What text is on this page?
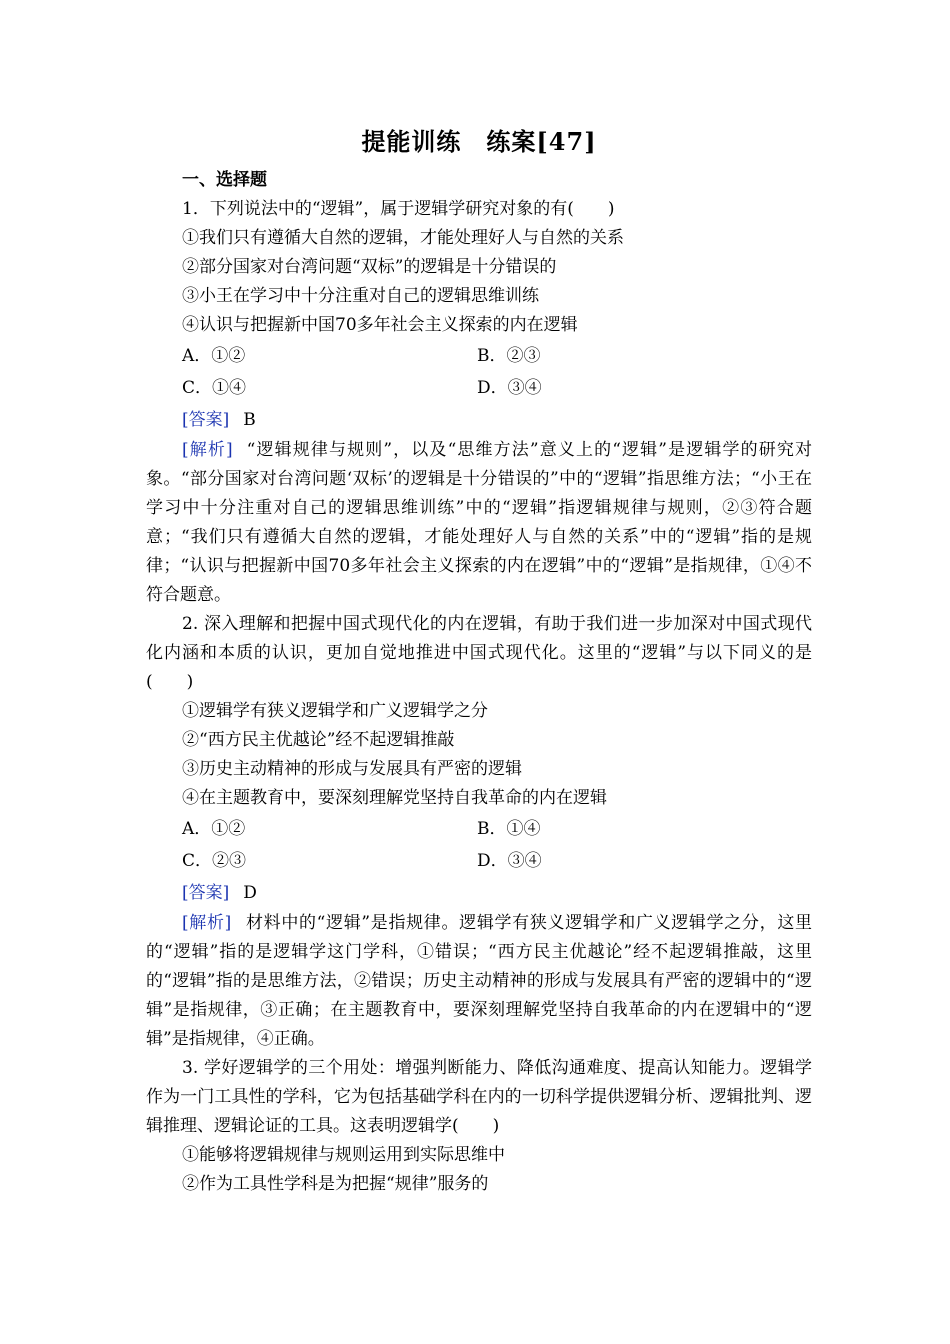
提能训练　练案[47]
一、选择题

1．下列说法中的“逻辑”，属于逻辑学研究对象的有(　　)

①我们只有遵循大自然的逻辑，才能处理好人与自然的关系

②部分国家对台湾问题“双标”的逻辑是十分错误的

③小王在学习中十分注重对自己的逻辑思维训练

④认识与把握新中国70多年社会主义探索的内在逻辑

A．①②	B．②③
C．①④	D．③④

[答案] B

[解析] “逻辑规律与规则”，以及“思维方法”意义上的“逻辑”是逻辑学的研究对象。“部分国家对台湾问题‘双标’的逻辑是十分错误的”中的“逻辑”指思维方法；“小王在学习中十分注重对自己的逻辑思维训练”中的“逻辑”指逻辑规律与规则，②③符合题意；“我们只有遵循大自然的逻辑，才能处理好人与自然的关系”中的“逻辑”指的是规律；“认识与把握新中国70多年社会主义探索的内在逻辑”中的“逻辑”是指规律，①④不符合题意。

2. 深入理解和把握中国式现代化的内在逻辑，有助于我们进一步加深对中国式现代化内涵和本质的认识，更加自觉地推进中国式现代化。这里的“逻辑”与以下同义的是(　　)

①逻辑学有狭义逻辑学和广义逻辑学之分

②“西方民主优越论”经不起逻辑推敲

③历史主动精神的形成与发展具有严密的逻辑

④在主题教育中，要深刻理解党坚持自我革命的内在逻辑

A．①②	B．①④
C．②③	D．③④

[答案] D

[解析] 材料中的“逻辑”是指规律。逻辑学有狭义逻辑学和广义逻辑学之分，这里的“逻辑”指的是逻辑学这门学科，①错误；“西方民主优越论”经不起逻辑推敲，这里的“逻辑”指的是思维方法，②错误；历史主动精神的形成与发展具有严密的逻辑中的“逻辑”是指规律，③正确；在主题教育中，要深刻理解党坚持自我革命的内在逻辑中的“逻辑”是指规律，④正确。

3. 学好逻辑学的三个用处：增强判断能力、降低沟通难度、提高认知能力。逻辑学作为一门工具性的学科，它为包括基础学科在内的一切科学提供逻辑分析、逻辑批判、逻辑推理、逻辑论证的工具。这表明逻辑学(　　)

①能够将逻辑规律与规则运用到实际思维中

②作为工具性学科是为把握“规律”服务的
